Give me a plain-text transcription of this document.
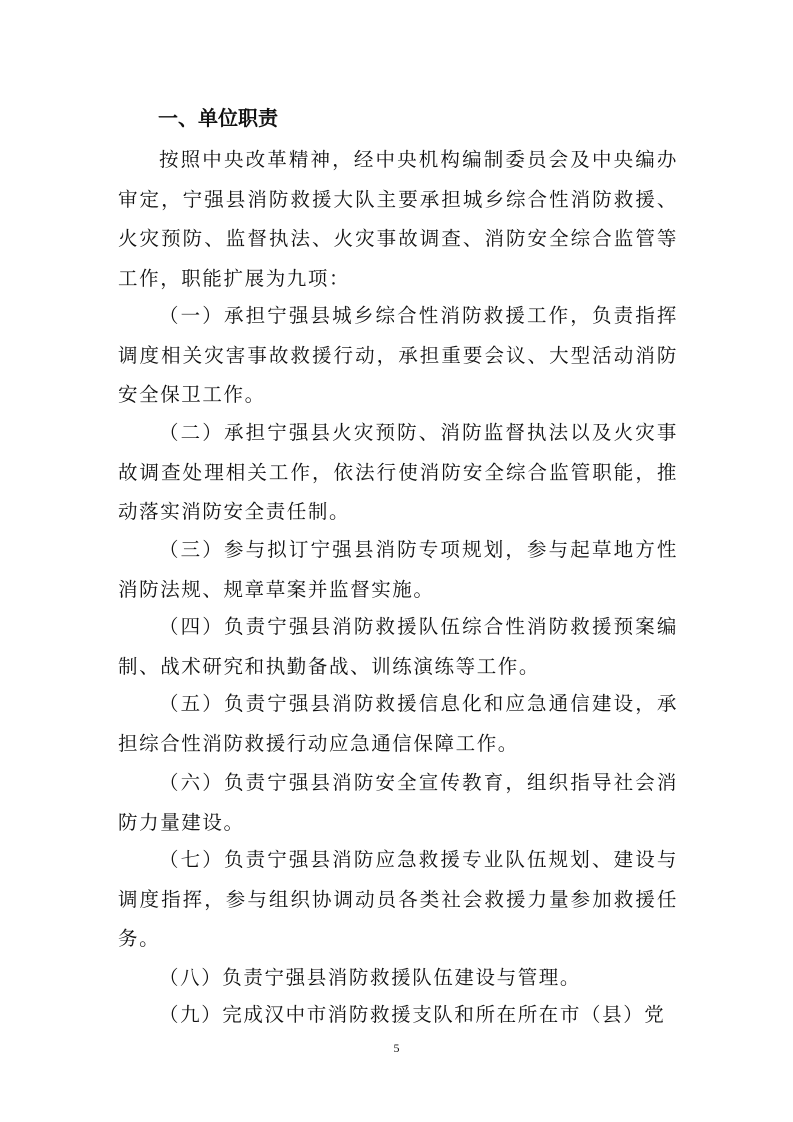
一、单位职责

按照中央改革精神，经中央机构编制委员会及中央编办审定，宁强县消防救援大队主要承担城乡综合性消防救援、火灾预防、监督执法、火灾事故调查、消防安全综合监管等工作，职能扩展为九项：

（一）承担宁强县城乡综合性消防救援工作，负责指挥调度相关灾害事故救援行动，承担重要会议、大型活动消防安全保卫工作。

（二）承担宁强县火灾预防、消防监督执法以及火灾事故调查处理相关工作，依法行使消防安全综合监管职能，推动落实消防安全责任制。

（三）参与拟订宁强县消防专项规划，参与起草地方性消防法规、规章草案并监督实施。

（四）负责宁强县消防救援队伍综合性消防救援预案编制、战术研究和执勤备战、训练演练等工作。

（五）负责宁强县消防救援信息化和应急通信建设，承担综合性消防救援行动应急通信保障工作。

（六）负责宁强县消防安全宣传教育，组织指导社会消防力量建设。

（七）负责宁强县消防应急救援专业队伍规划、建设与调度指挥，参与组织协调动员各类社会救援力量参加救援任务。

（八）负责宁强县消防救援队伍建设与管理。

（九）完成汉中市消防救援支队和所在所在市（县）党

5
